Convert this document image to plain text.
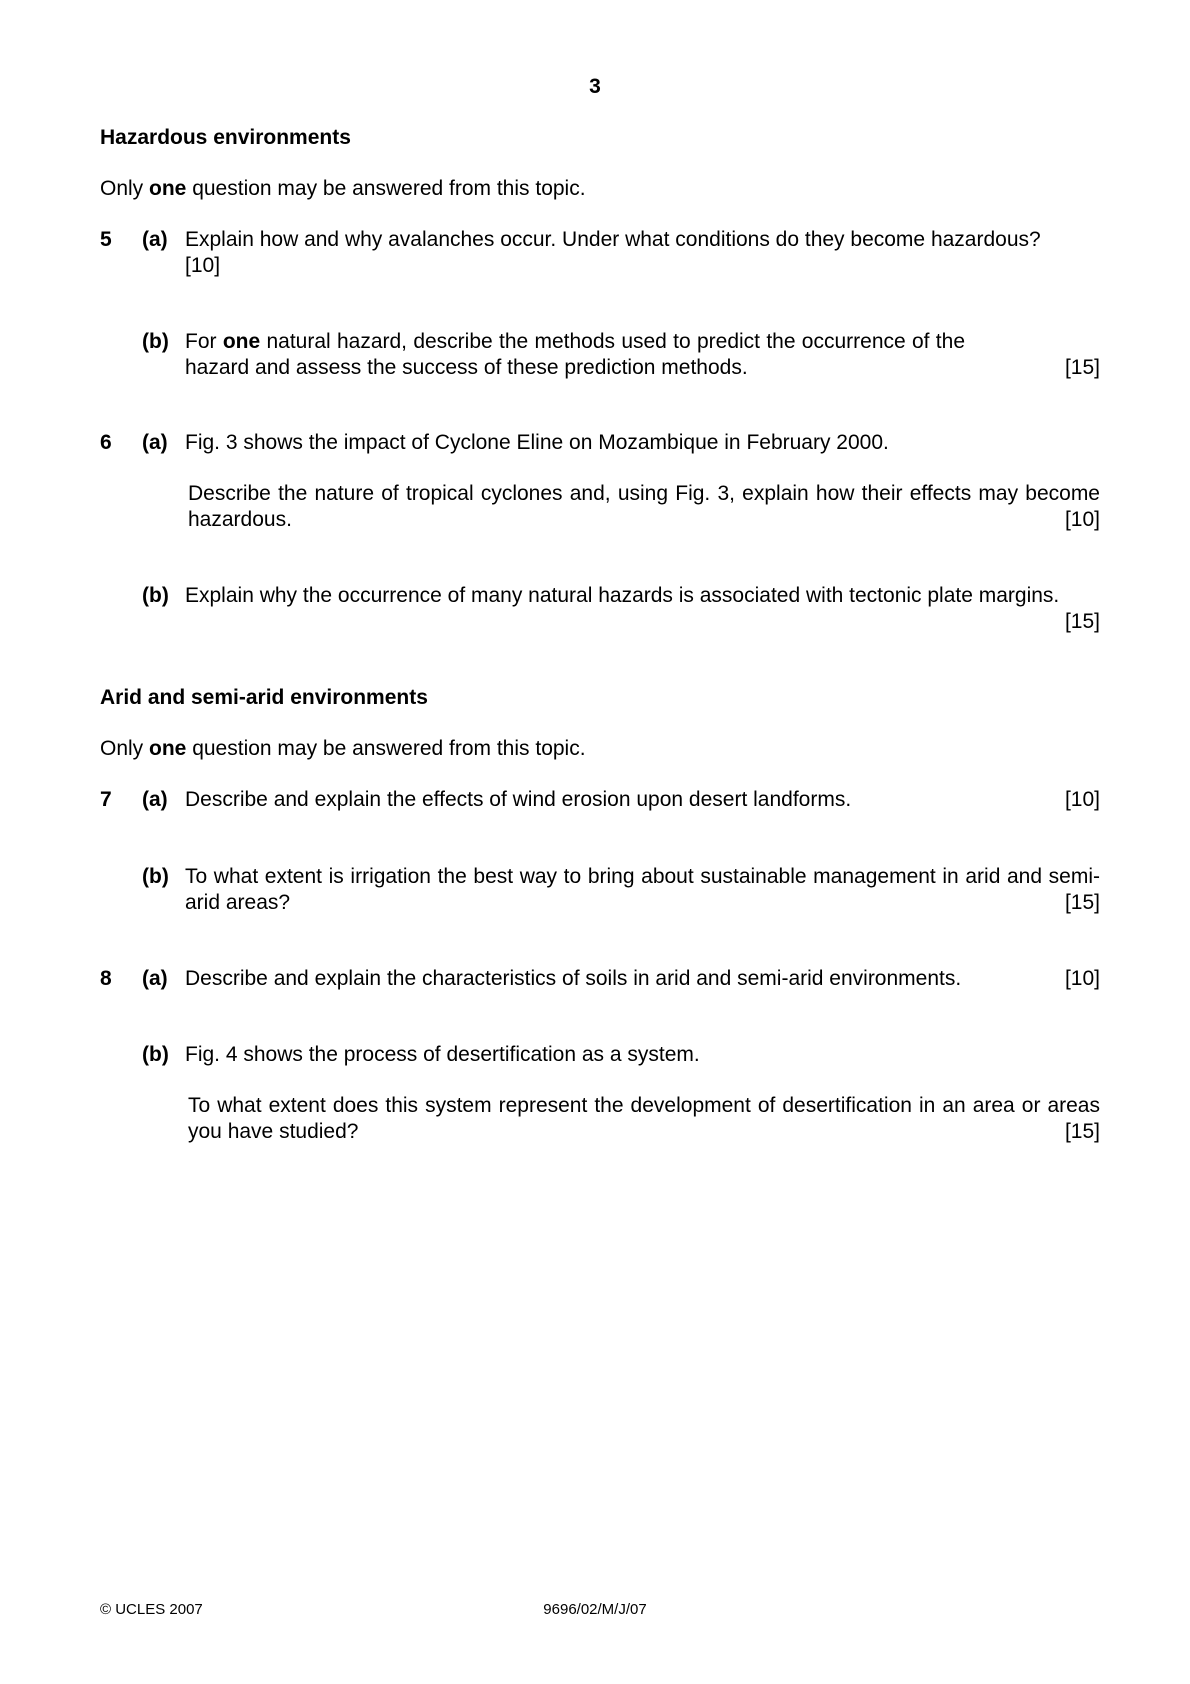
3
Hazardous environments
Only one question may be answered from this topic.
5 (a) Explain how and why avalanches occur. Under what conditions do they become hazardous?
[10]
(b) For one natural hazard, describe the methods used to predict the occurrence of the hazard and assess the success of these prediction methods.	[15]
6 (a) Fig. 3 shows the impact of Cyclone Eline on Mozambique in February 2000.
Describe the nature of tropical cyclones and, using Fig. 3, explain how their effects may become hazardous.	[10]
(b) Explain why the occurrence of many natural hazards is associated with tectonic plate margins.
[15]
Arid and semi-arid environments
Only one question may be answered from this topic.
7 (a) Describe and explain the effects of wind erosion upon desert landforms.	[10]
(b) To what extent is irrigation the best way to bring about sustainable management in arid and semi-arid areas?	[15]
8 (a) Describe and explain the characteristics of soils in arid and semi-arid environments.	[10]
(b) Fig. 4 shows the process of desertification as a system.
To what extent does this system represent the development of desertification in an area or areas you have studied?	[15]
© UCLES 2007	9696/02/M/J/07
